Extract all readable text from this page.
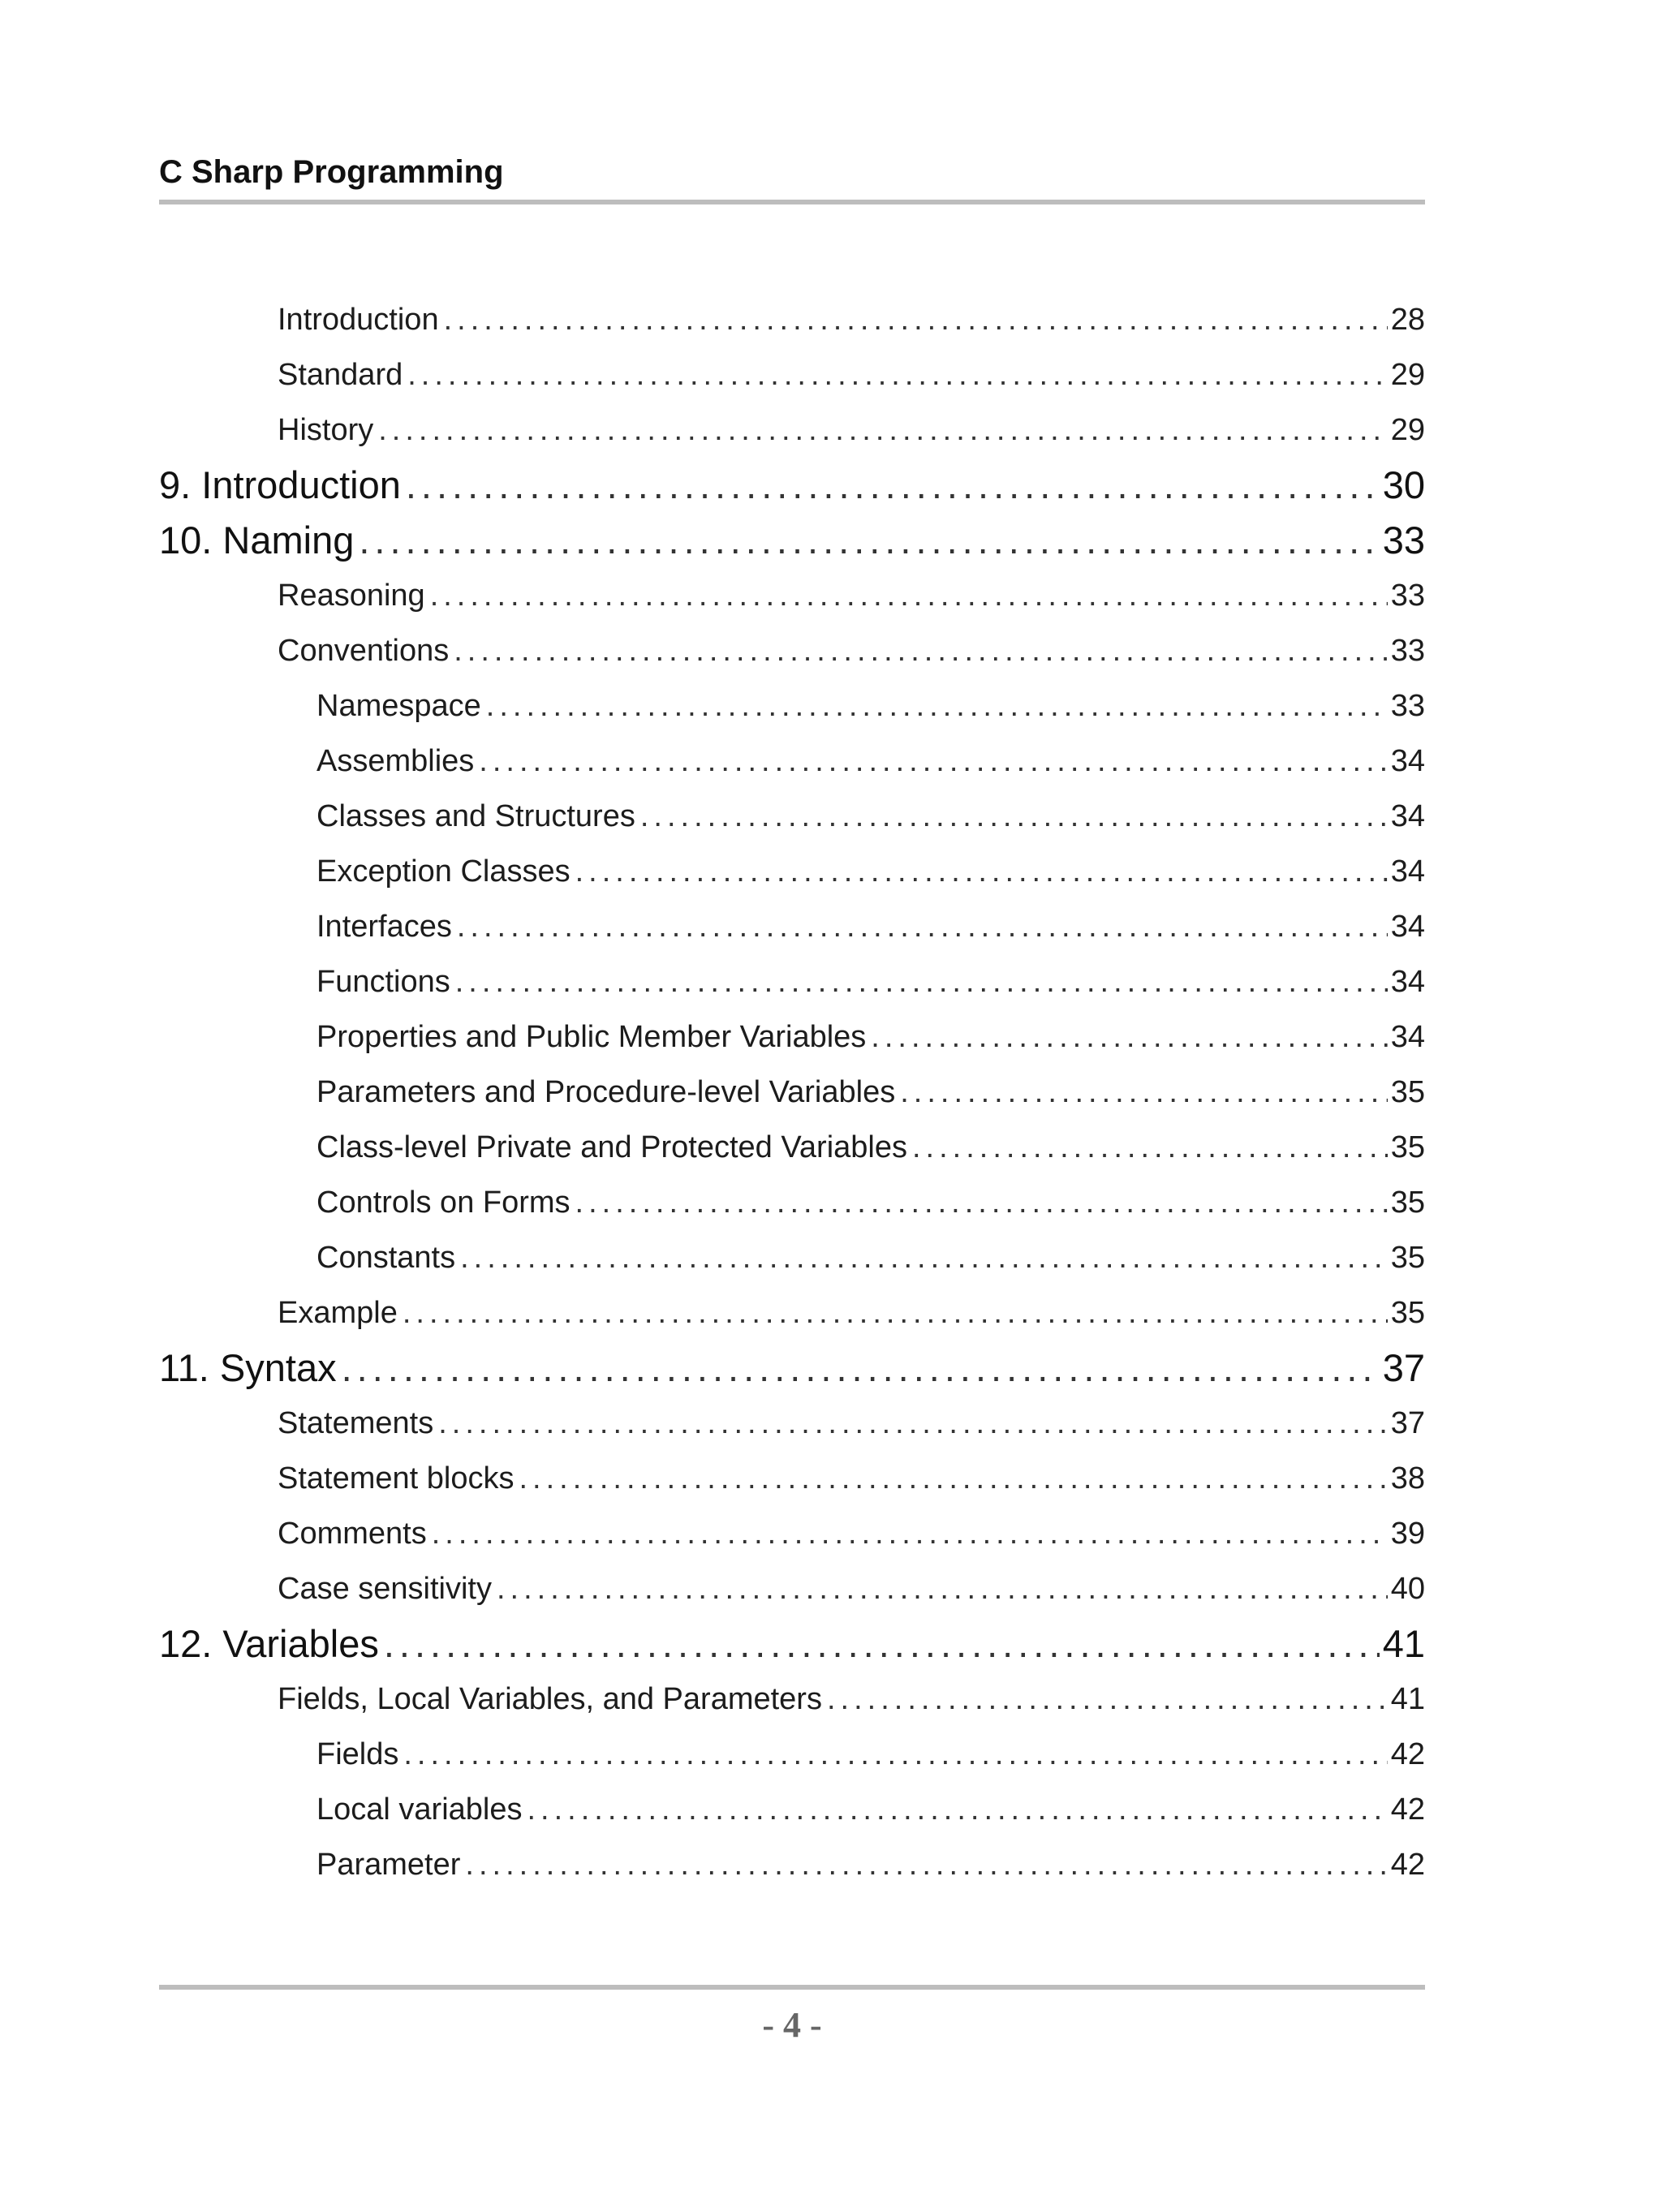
C Sharp Programming
Introduction .....	28
Standard .....	29
History .....	29
9. Introduction .....	30
10. Naming .....	33
Reasoning .....	33
Conventions .....	33
Namespace .....	33
Assemblies .....	34
Classes and Structures .....	34
Exception Classes .....	34
Interfaces .....	34
Functions .....	34
Properties and Public Member Variables .....	34
Parameters and Procedure-level Variables .....	35
Class-level Private and Protected Variables .....	35
Controls on Forms .....	35
Constants .....	35
Example .....	35
11. Syntax .....	37
Statements .....	37
Statement blocks .....	38
Comments .....	39
Case sensitivity .....	40
12. Variables .....	41
Fields, Local Variables, and Parameters .....	41
Fields .....	42
Local variables .....	42
Parameter .....	42
- 4 -
